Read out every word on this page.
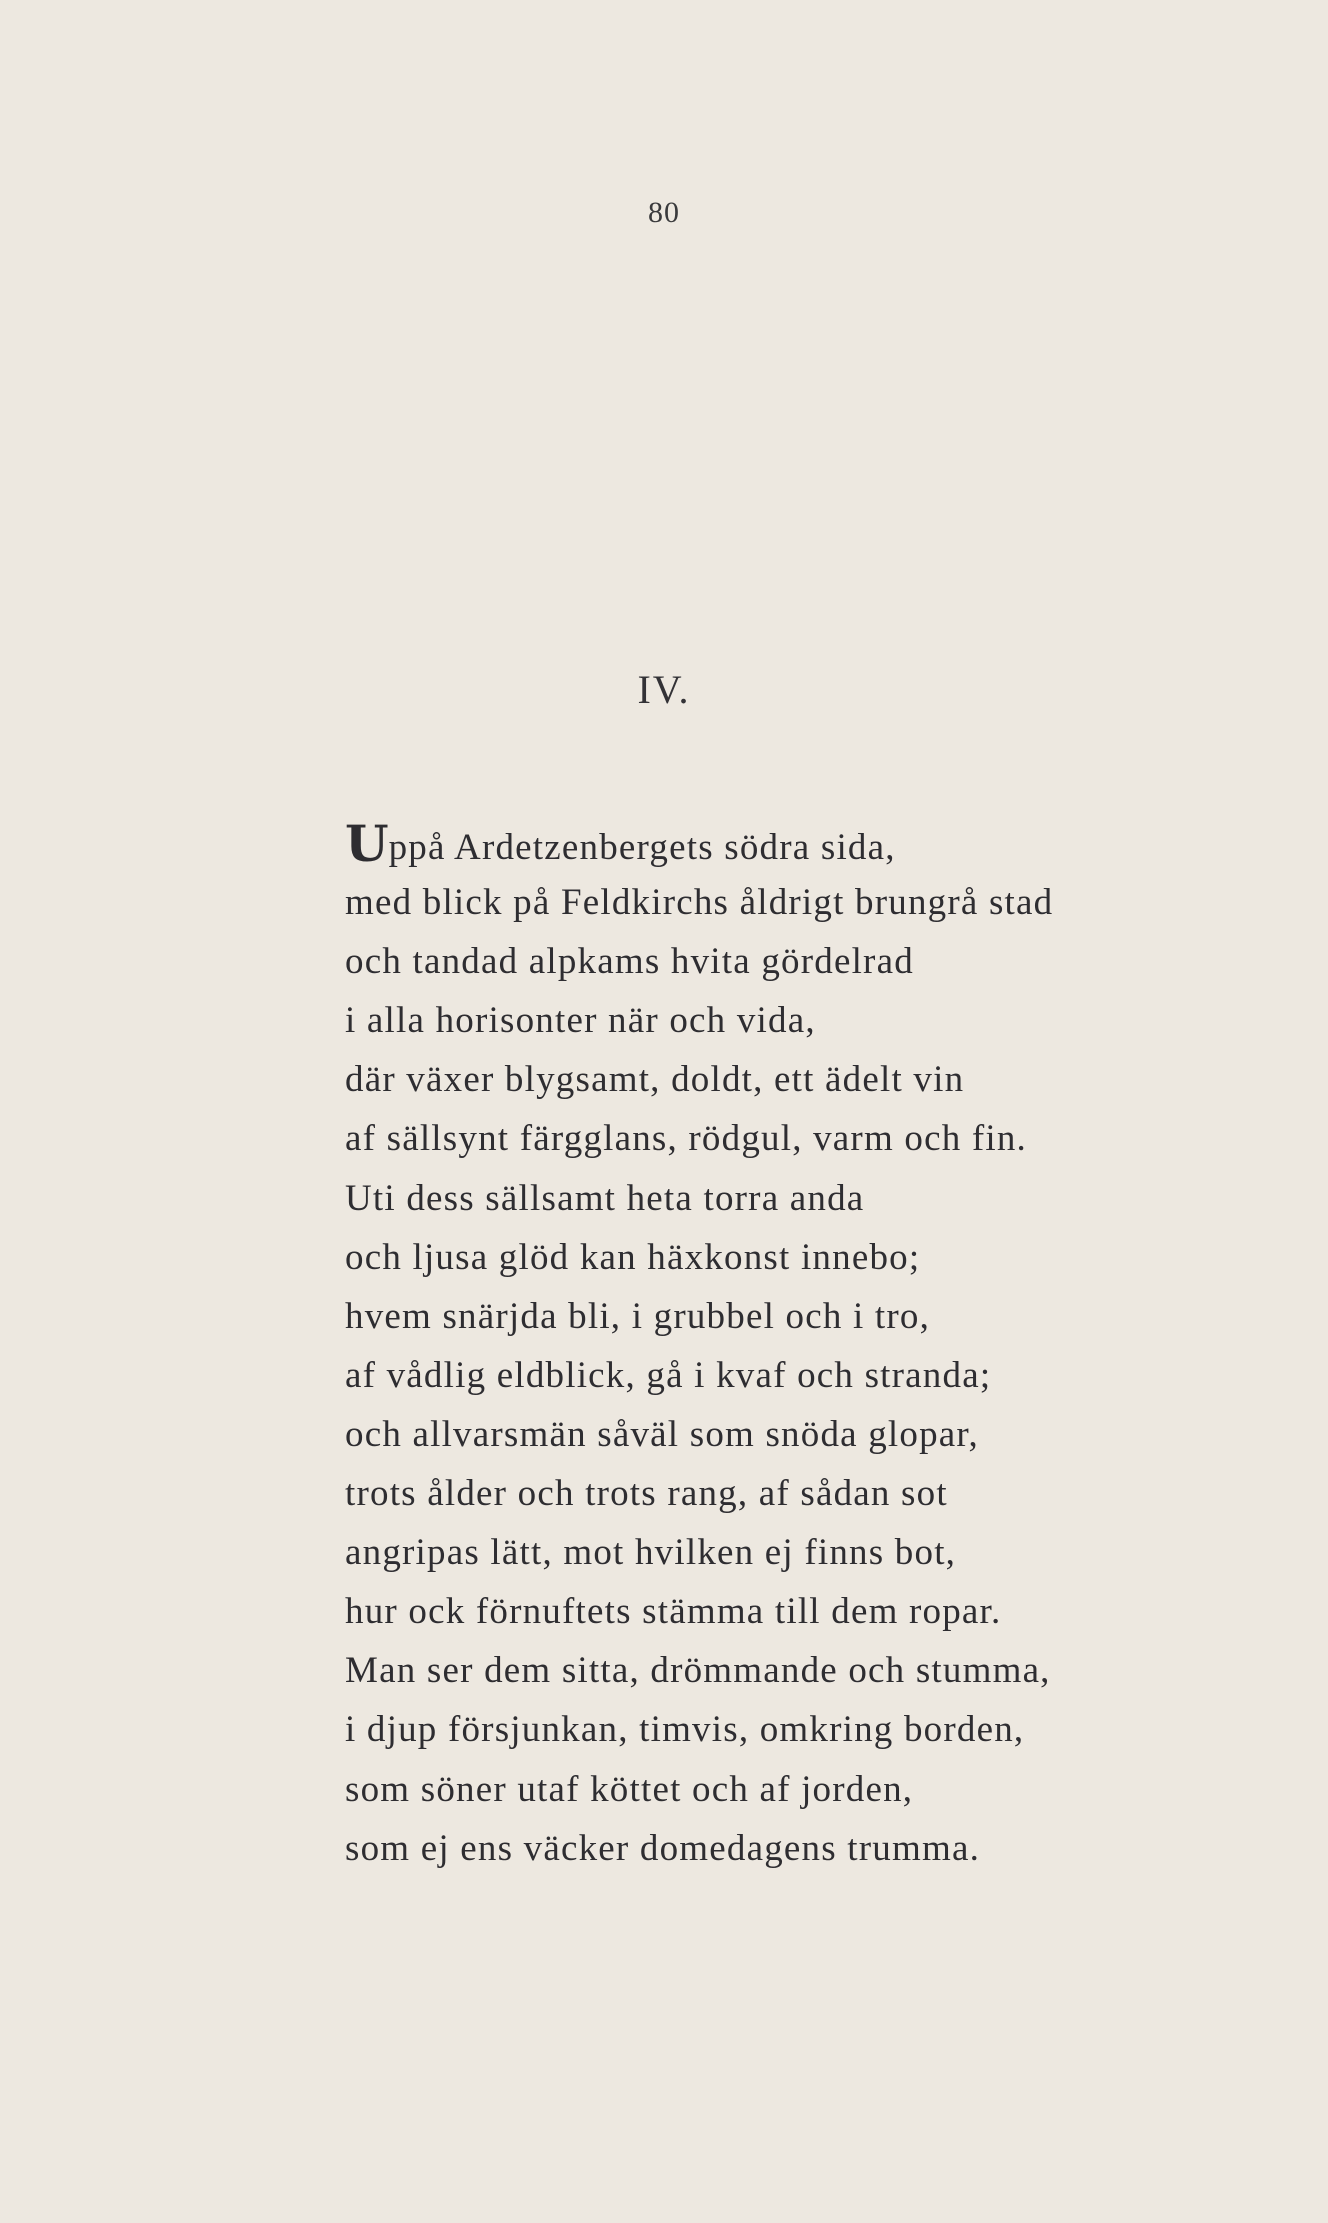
80
IV.
Uppå Ardetzenbergets södra sida,
med blick på Feldkirchs åldrigt brungrå stad
och tandad alpkams hvita gördelrad
i alla horisonter när och vida,
där växer blygsamt, doldt, ett ädelt vin
af sällsynt färgglans, rödgul, varm och fin.
Uti dess sällsamt heta torra anda
och ljusa glöd kan häxkonst innebo;
hvem snärjda bli, i grubbel och i tro,
af vådlig eldblick, gå i kvaf och stranda;
och allvarsmän såväl som snöda glopar,
trots ålder och trots rang, af sådan sot
angripas lätt, mot hvilken ej finns bot,
hur ock förnuftets stämma till dem ropar.
Man ser dem sitta, drömmande och stumma,
i djup försjunkan, timvis, omkring borden,
som söner utaf köttet och af jorden,
som ej ens väcker domedagens trumma.
